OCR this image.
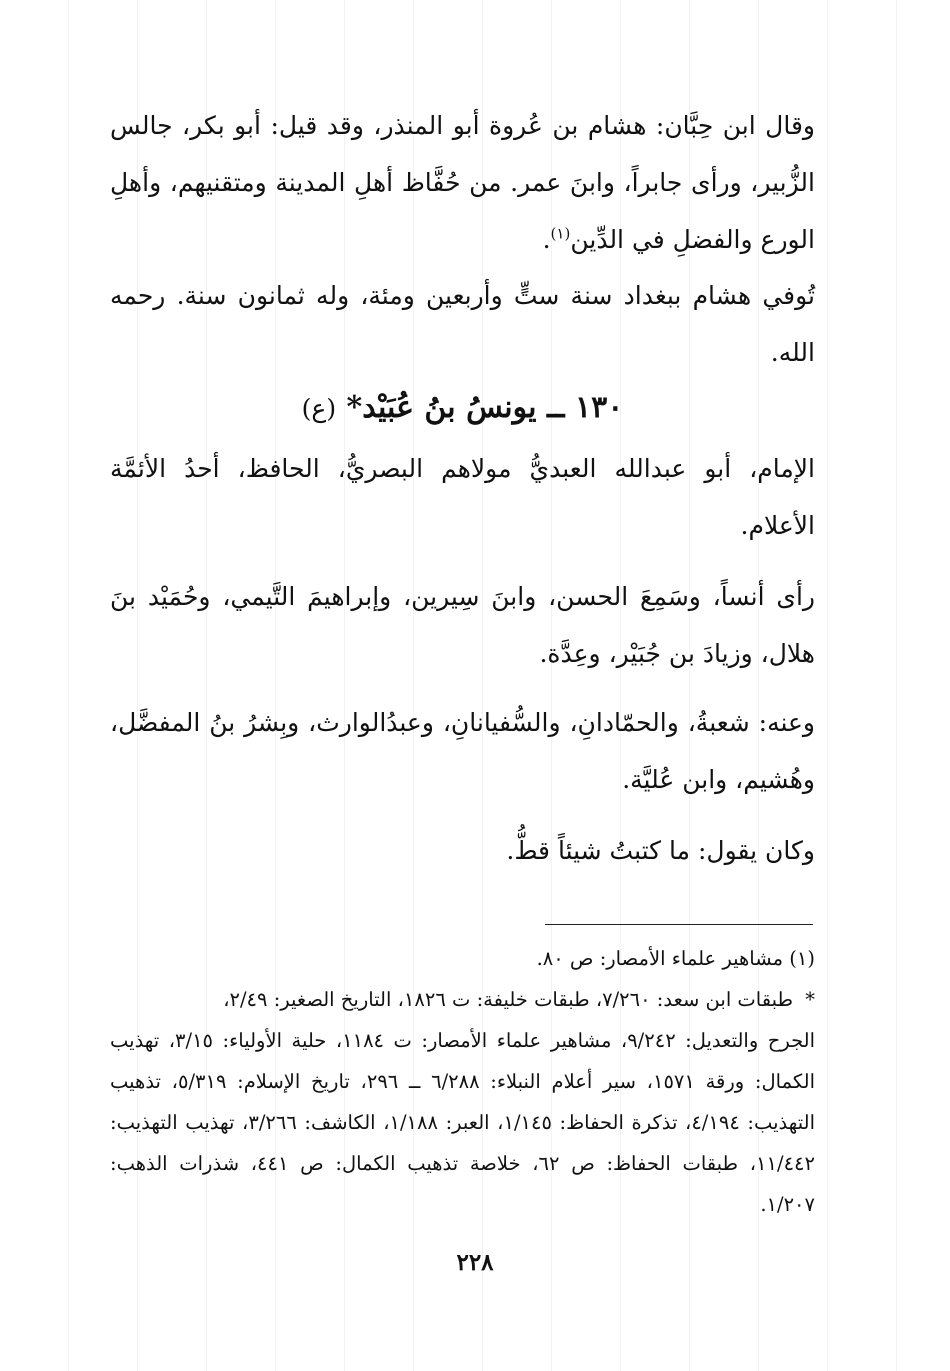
وقال ابن حِبَّان: هشام بن عُروة أبو المنذر، وقد قيل: أبو بكر، جالس الزُّبير، ورأى جابراً، وابنَ عمر. من حُفَّاظ أهلِ المدينة ومتقنيهم، وأهلِ الورع والفضلِ في الدِّين$^{(١)}$.

تُوفي هشام ببغداد سنة ستٍّ وأربعين ومئة، وله ثمانون سنة. رحمه الله.

١٣٠ ــ يونسُ بنُ عُبَيْد* (ع)

الإمام، أبو عبدالله العبديُّ مولاهم البصريُّ، الحافظ، أحدُ الأئمَّة الأعلام.

رأى أنساً، وسَمِعَ الحسن، وابنَ سِيرين، وإبراهيمَ التَّيمي، وحُمَيْد بنَ هلال، وزيادَ بن جُبَيْر، وعِدَّة.

وعنه: شعبةُ، والحمّادانِ، والسُّفيانانِ، وعبدُالوارث، وبِشرُ بنُ المفضَّل، وهُشيم، وابن عُليَّة.

وكان يقول: ما كتبتُ شيئاً قطُّ.

(١) مشاهير علماء الأمصار: ص ٨٠.
*طبقات ابن سعد: ٧/٢٦٠، طبقات خليفة: ت ١٨٢٦، التاريخ الصغير: ٢/٤٩،
الجرح والتعديل: ٩/٢٤٢، مشاهير علماء الأمصار: ت ١١٨٤، حلية الأولياء: ٣/١٥، تهذيب الكمال: ورقة ١٥٧١، سير أعلام النبلاء: ٦/٢٨٨ ــ ٢٩٦، تاريخ الإسلام: ٥/٣١٩، تذهيب التهذيب: ٤/١٩٤، تذكرة الحفاظ: ١/١٤٥، العبر: ١/١٨٨، الكاشف: ٣/٢٦٦، تهذيب التهذيب: ١١/٤٤٢، طبقات الحفاظ: ص ٦٢، خلاصة تذهيب الكمال: ص ٤٤١، شذرات الذهب: ١/٢٠٧.
٢٢٨
